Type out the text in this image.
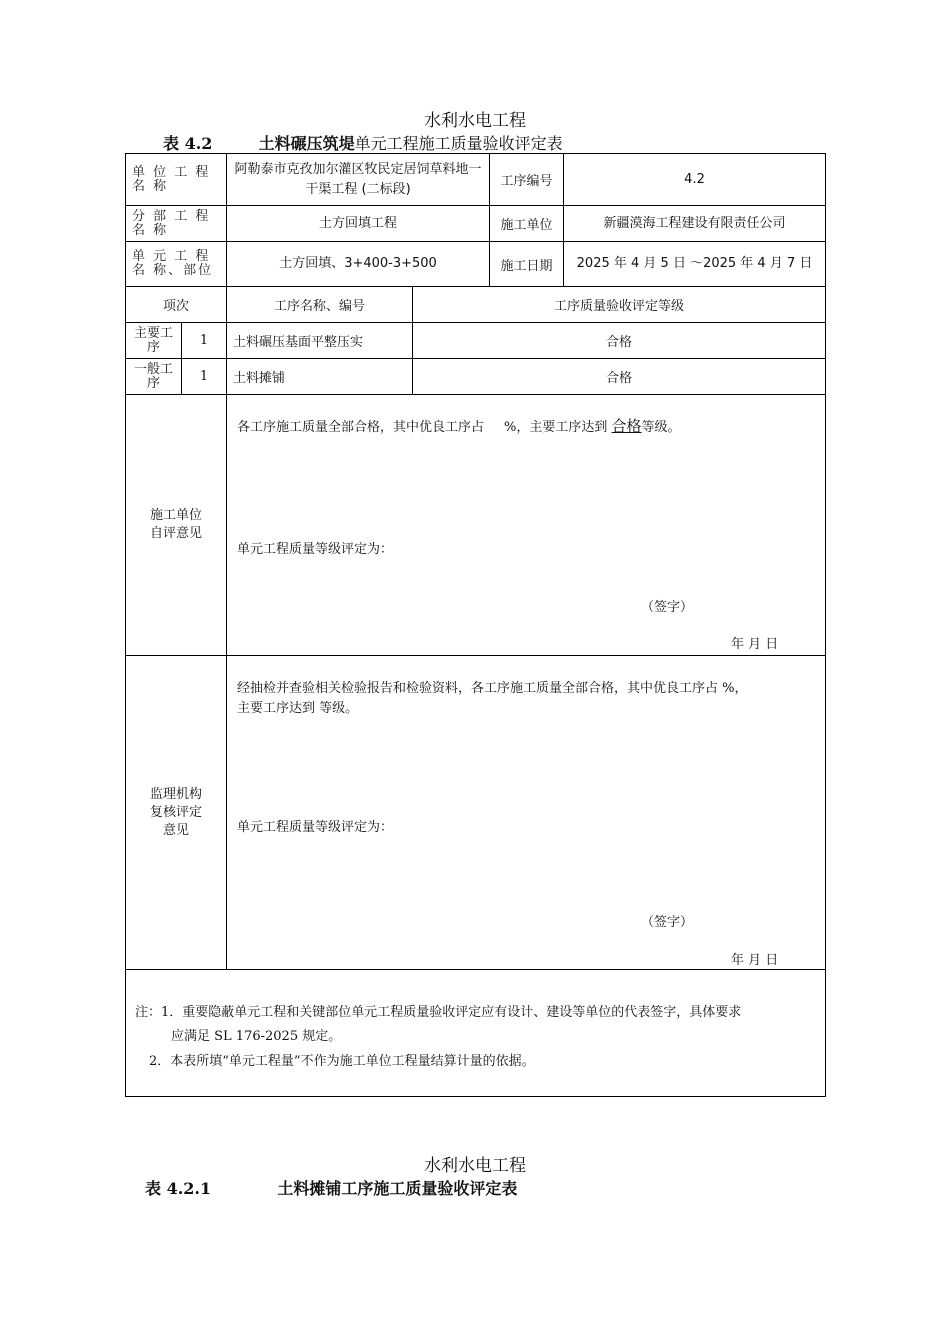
水利水电工程
表 4.2	土料碾压筑堤单元工程施工质量验收评定表
单 位 工 程 名 称		阿勒泰市克孜加尔灌区牧民定居饲草料地一干渠工程 (二标段)		工序编号	4.2
分 部 工 程 名 称		土方回填工程		施工单位	新疆漠海工程建设有限责任公司
单 元 工 程 名 称、部位		土方回填、3+400-3+500		施工日期	2025 年 4 月 5 日 ～2025 年 4 月 7 日
项次		工序名称、编号	工序质量验收评定等级		
主要工序	1	土料碾压基面平整压实	合格		
一般工序	1	土料摊铺	合格		
施工单位自评意见		各工序施工质量全部合格，其中优良工序占 %，主要工序达到 合格等级。
单元工程质量等级评定为：
（签字）
年 月 日			

监理机构复核评定意见		经抽检并查验相关检验报告和检验资料，各工序施工质量全部合格，其中优良工序占 %，
主要工序达到 等级。
单元工程质量等级评定为：
（签字）
年 月 日			

注：1．重要隐蔽单元工程和关键部位单元工程质量验收评定应有设计、建设等单位的代表签字，具体要求
应满足 SL 176-2025 规定。
2．本表所填“单元工程量”不作为施工单位工程量结算计量的依据。					
水利水电工程
表 4.2.1	土料摊铺工序施工质量验收评定表
